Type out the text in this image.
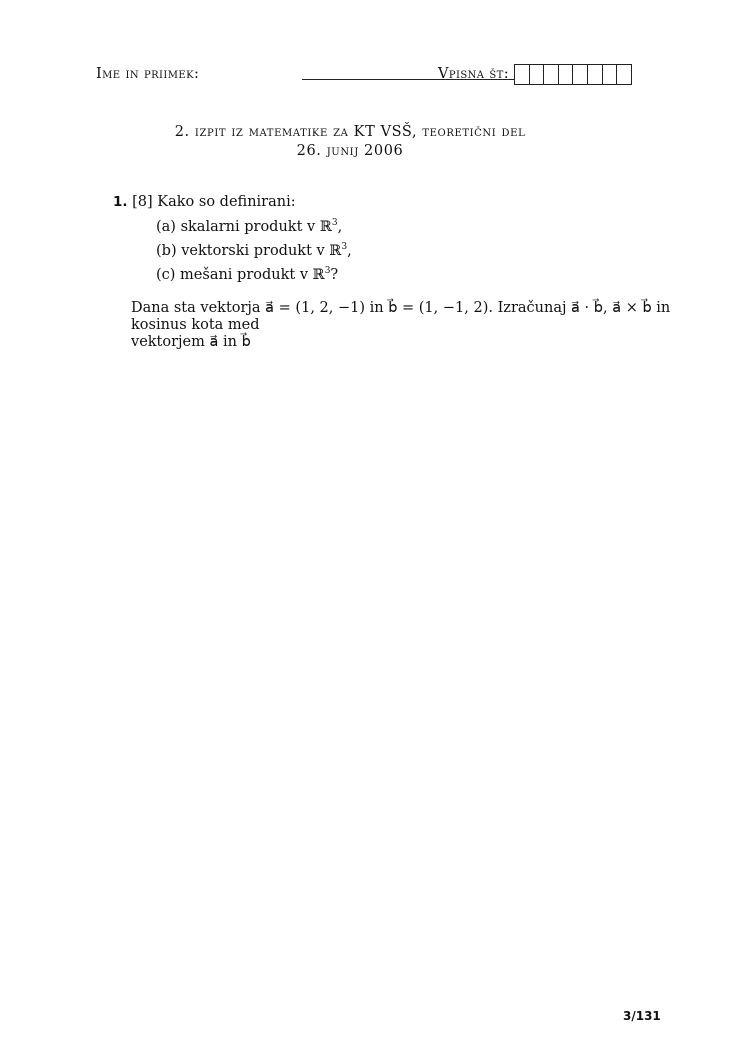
Ime in priimek:	Vpisna št:
2. izpit iz matematike za KT VSŠ, teoretični del
26. junij 2006
1. [8] Kako so definirani:
(a) skalarni produkt v ℝ$^3$,
(b) vektorski produkt v ℝ$^3$,
(c) mešani produkt v ℝ$^3$?
Dana sta vektorja a⃗ = (1, 2, −1) in b⃗ = (1, −1, 2). Izračunaj a⃗ · b⃗, a⃗ × b⃗ in kosinus kota med
vektorjem a⃗ in b⃗
3/131
